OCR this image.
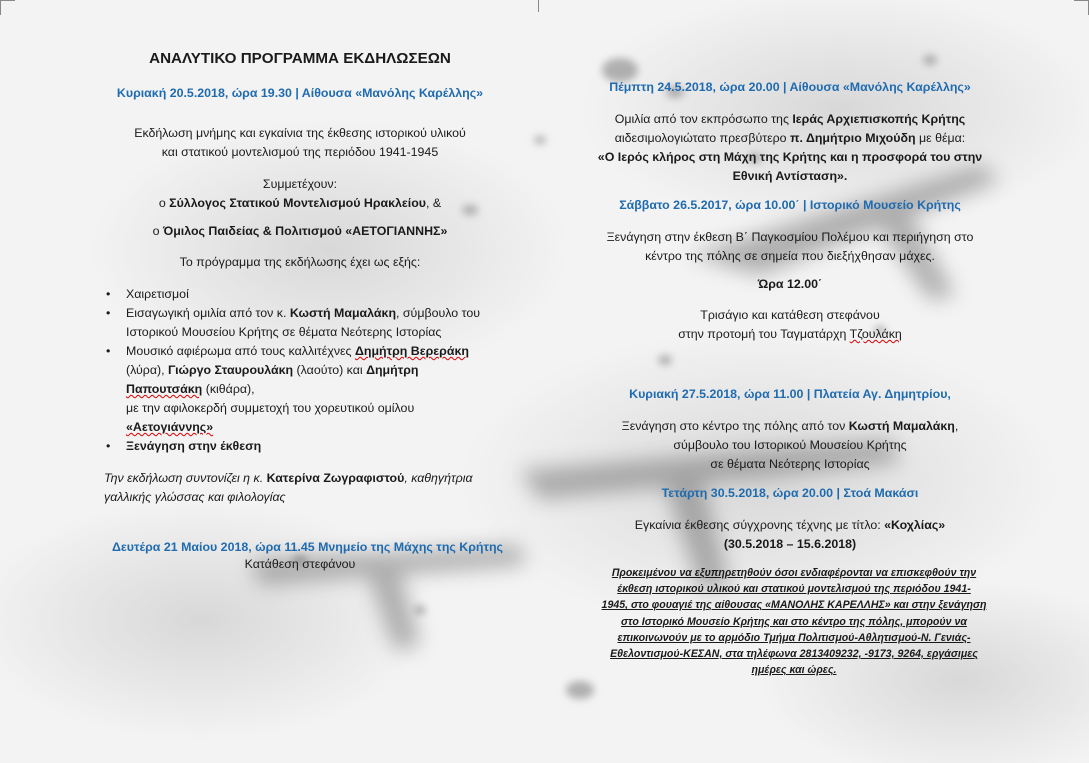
ΑΝΑΛΥΤΙΚΟ ΠΡΟΓΡΑΜΜΑ ΕΚΔΗΛΩΣΕΩΝ
Κυριακή 20.5.2018, ώρα 19.30 | Αίθουσα «Μανόλης Καρέλλης»
Εκδήλωση μνήμης και εγκαίνια της έκθεσης ιστορικού υλικού
και στατικού μοντελισμού της περιόδου 1941-1945
Συμμετέχουν:
ο Σύλλογος Στατικού Μοντελισμού Ηρακλείου, &
ο Όμιλος Παιδείας & Πολιτισμού «ΑΕΤΟΓΙΑΝΝΗΣ»
Το πρόγραμμα της εκδήλωσης έχει ως εξής:
• Χαιρετισμοί
• Εισαγωγική ομιλία από τον κ. Κωστή Μαμαλάκη, σύμβουλο του
Ιστορικού Μουσείου Κρήτης σε θέματα Νεότερης Ιστορίας
• Μουσικό αφιέρωμα από τους καλλιτέχνες Δημήτρη Βερεράκη
(λύρα), Γιώργο Σταυρουλάκη (λαούτο) και Δημήτρη
Παπουτσάκη (κιθάρα),
με την αφιλοκερδή συμμετοχή του χορευτικού ομίλου
«Αετογιάννης»
• Ξενάγηση στην έκθεση
Την εκδήλωση συντονίζει η κ. Κατερίνα Ζωγραφιστού, καθηγήτρια
γαλλικής γλώσσας και φιλολογίας
Δευτέρα 21 Μαίου 2018, ώρα 11.45 Μνημείο της Μάχης της Κρήτης
Κατάθεση στεφάνου
Πέμπτη 24.5.2018, ώρα 20.00 | Αίθουσα «Μανόλης Καρέλλης»
Ομιλία από τον εκπρόσωπο της Ιεράς Αρχιεπισκοπής Κρήτης
αιδεσιμολογιώτατο πρεσβύτερο π. Δημήτριο Μιχούδη με θέμα:
«Ο Ιερός κλήρος στη Μάχη της Κρήτης και η προσφορά του στην
Εθνική Αντίσταση».
Σάββατο 26.5.2017, ώρα 10.00΄ | Ιστορικό Μουσείο Κρήτης
Ξενάγηση στην έκθεση Β΄ Παγκοσμίου Πολέμου και περιήγηση στο
κέντρο της πόλης σε σημεία που διεξήχθησαν μάχες.
Ώρα 12.00΄
Τρισάγιο και κατάθεση στεφάνου
στην προτομή του Ταγματάρχη Τζουλάκη
Κυριακή 27.5.2018, ώρα 11.00 | Πλατεία Αγ. Δημητρίου,
Ξενάγηση στο κέντρο της πόλης από τον Κωστή Μαμαλάκη,
σύμβουλο του Ιστορικού Μουσείου Κρήτης
σε θέματα Νεότερης Ιστορίας
Τετάρτη 30.5.2018, ώρα 20.00 | Στοά Μακάσι
Εγκαίνια έκθεσης σύγχρονης τέχνης με τίτλο: «Κοχλίας»
(30.5.2018 – 15.6.2018)
Προκειμένου να εξυπηρετηθούν όσοι ενδιαφέρονται να επισκεφθούν την
έκθεση ιστορικού υλικού και στατικού μοντελισμού της περιόδου 1941-
1945, στο φουαγιέ της αίθουσας «ΜΑΝΟΛΗΣ ΚΑΡΕΛΛΗΣ» και στην ξενάγηση
στο Ιστορικό Μουσείο Κρήτης και στο κέντρο της πόλης, μπορούν να
επικοινωνούν με το αρμόδιο Τμήμα Πολιτισμού-Αθλητισμού-Ν. Γενιάς-
Εθελοντισμού-ΚΕΣΑΝ, στα τηλέφωνα 2813409232, -9173, 9264, εργάσιμες
ημέρες και ώρες.
